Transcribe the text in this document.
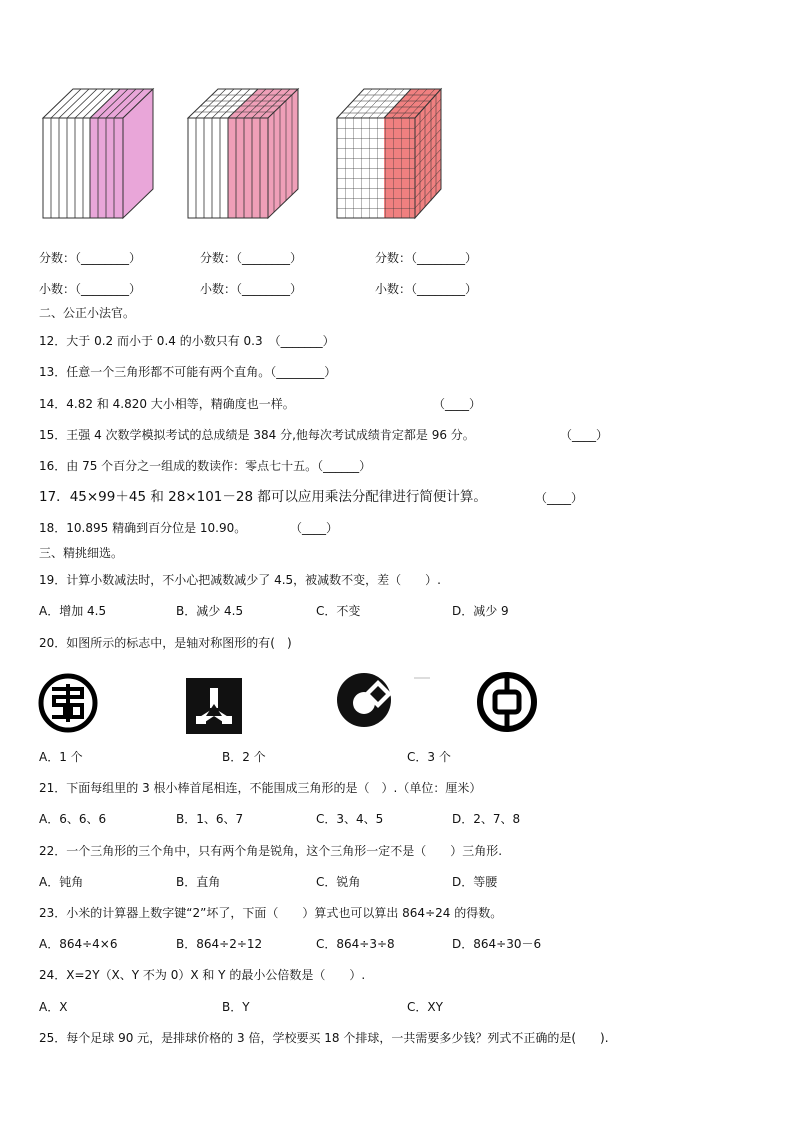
分数：（________）	分数：（________）	分数：（________）
小数：（________）	小数：（________）	小数：（________）
二、公正小法官。
12．大于 0.2 而小于 0.4 的小数只有 0.3　（_______）
13．任意一个三角形都不可能有两个直角。（________）
14．4.82 和 4.820 大小相等，精确度也一样。	（____）
15．王强 4 次数学模拟考试的总成绩是 384 分,他每次考试成绩肯定都是 96 分。	（____）
16．由 75 个百分之一组成的数读作：零点七十五。（______）
17．45×99＋45 和 28×101－28 都可以应用乘法分配律进行简便计算。	（____）
18．10.895 精确到百分位是 10.90。	（____）
三、精挑细选。
19．计算小数减法时，不小心把减数减少了 4.5，被减数不变，差（　　）.
A．增加 4.5	B．减少 4.5	C．不变	D．减少 9
20．如图所示的标志中，是轴对称图形的有(　)
A．1 个	B．2 个	C．3 个
21．下面每组里的 3 根小棒首尾相连，不能围成三角形的是（　）.（单位：厘米）
A．6、6、6	B．1、6、7	C．3、4、5	D．2、7、8
22．一个三角形的三个角中，只有两个角是锐角，这个三角形一定不是（　　）三角形.
A．钝角	B．直角	C．锐角	D．等腰
23．小米的计算器上数字键“2”坏了，下面（　　）算式也可以算出 864÷24 的得数。
A．864÷4×6	B．864÷2÷12	C．864÷3÷8	D．864÷30－6
24．X=2Y（X、Y 不为 0）X 和 Y 的最小公倍数是（　　）.
A．X	B．Y	C．XY
25．每个足球 90 元，是排球价格的 3 倍，学校要买 18 个排球，一共需要多少钱？列式不正确的是(　　).
